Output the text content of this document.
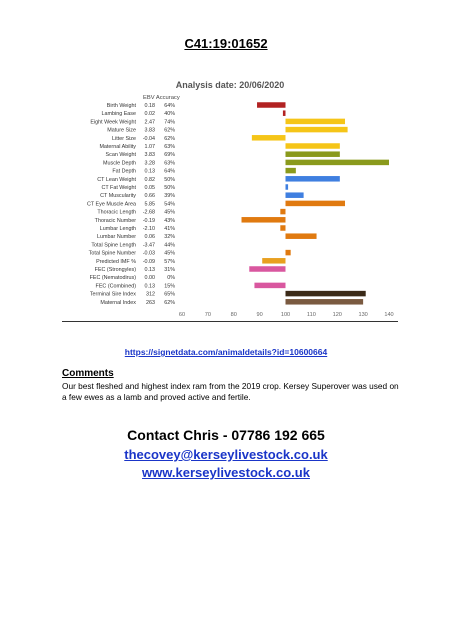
C41:19:01652
Analysis date: 20/06/2020
EBV Accuracy
Birth Weight 0.18 64%
Lambing Ease 0.02 40%
Eight Week Weight 2.47 74%
Mature Size 3.83 62%
Litter Size -0.04 62%
Maternal Ability 1.07 63%
Scan Weight 3.83 69%
Muscle Depth 3.28 63%
Fat Depth 0.13 64%
CT Lean Weight 0.82 50%
CT Fat Weight 0.05 50%
CT Muscularity 0.66 39%
CT Eye Muscle Area 5.85 54%
Thoracic Length -2.68 45%
Thoracic Number -0.19 43%
Lumbar Length -2.10 41%
Lumbar Number 0.06 32%
Total Spine Length -3.47 44%
Total Spine Number -0.03 45%
Predicted IMF % -0.09 57%
FEC (Strongyles) 0.13 31%
FEC (Nematodirus) 0.00 0%
FEC (Combined) 0.13 15%
Terminal Sire Index 312 65%
Maternal Index 263 62%
60	70	80	90	100	110	120	130	140
https://signetdata.com/animaldetails?id=10600664
Comments
Our best fleshed and highest index ram from the 2019 crop. Kersey Superover was used on a few ewes as a lamb and proved active and fertile.
Contact Chris - 07786 192 665
thecovey@kerseylivestock.co.uk
www.kerseylivestock.co.uk
